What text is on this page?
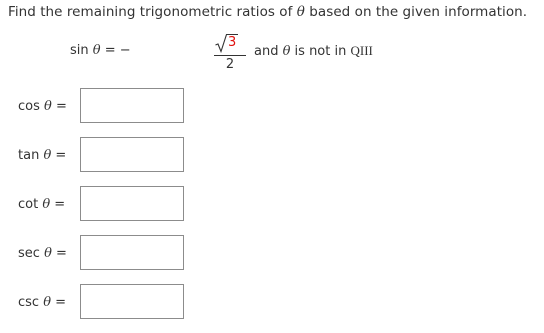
Find the remaining trigonometric ratios of θ based on the given information.
sin θ = −
3
2
and θ is not in QIII
cos θ =
tan θ =
cot θ =
sec θ =
csc θ =
